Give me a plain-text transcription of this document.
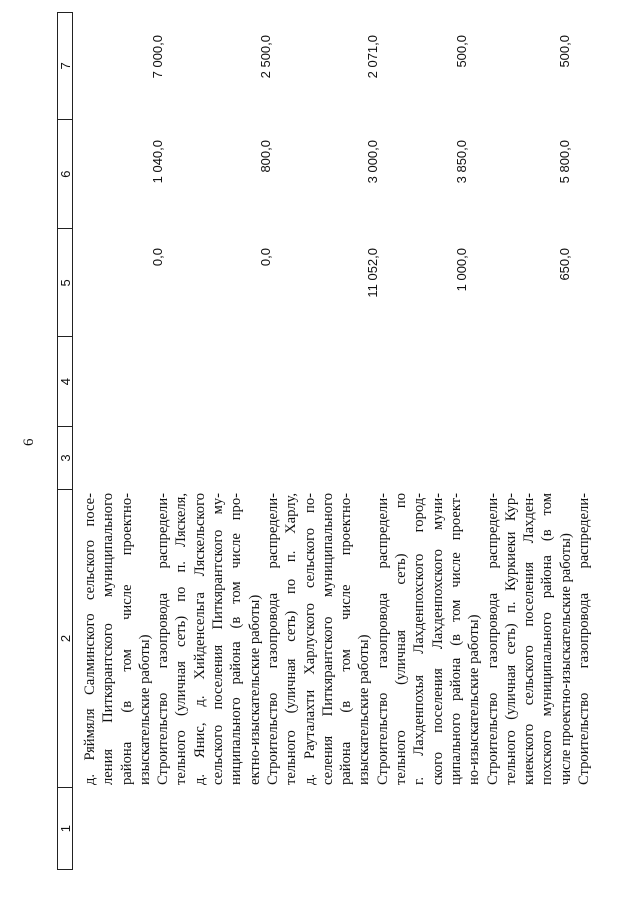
6
1
2
3
4
5
6
7
д. Ряймяля Салминского сельского посе- ления Питкярантского муниципального района (в том числе проектно- изыскательские работы)
0,0
1 040,0
7 000,0
Строительство газопровода распредели- тельного (уличная сеть) по п. Ляскеля, д. Янис, д. Хийденсельга Ляскельского сельского поселения Питкярантского му- ниципального района (в том числе про- ектно-изыскательские работы)
0,0
800,0
2 500,0
Строительство газопровода распредели- тельного (уличная сеть) по п. Харлу, д. Рауталахти Харлуского сельского по- селения Питкярантского муниципального района (в том числе проектно- изыскательские работы)
11 052,0
3 000,0
2 071,0
Строительство газопровода распредели- тельного (уличная сеть) по г. Лахденпохья Лахденпохского город- ского поселения Лахденпохского муни- ципального района (в том числе проект- но-изыскательские работы)
1 000,0
3 850,0
500,0
Строительство газопровода распредели- тельного (уличная сеть) п. Куркиеки Кур- киекского сельского поселения Лахден- похского муниципального района (в том числе проектно-изыскательские работы)
650,0
5 800,0
500,0
Строительство газопровода распредели-
